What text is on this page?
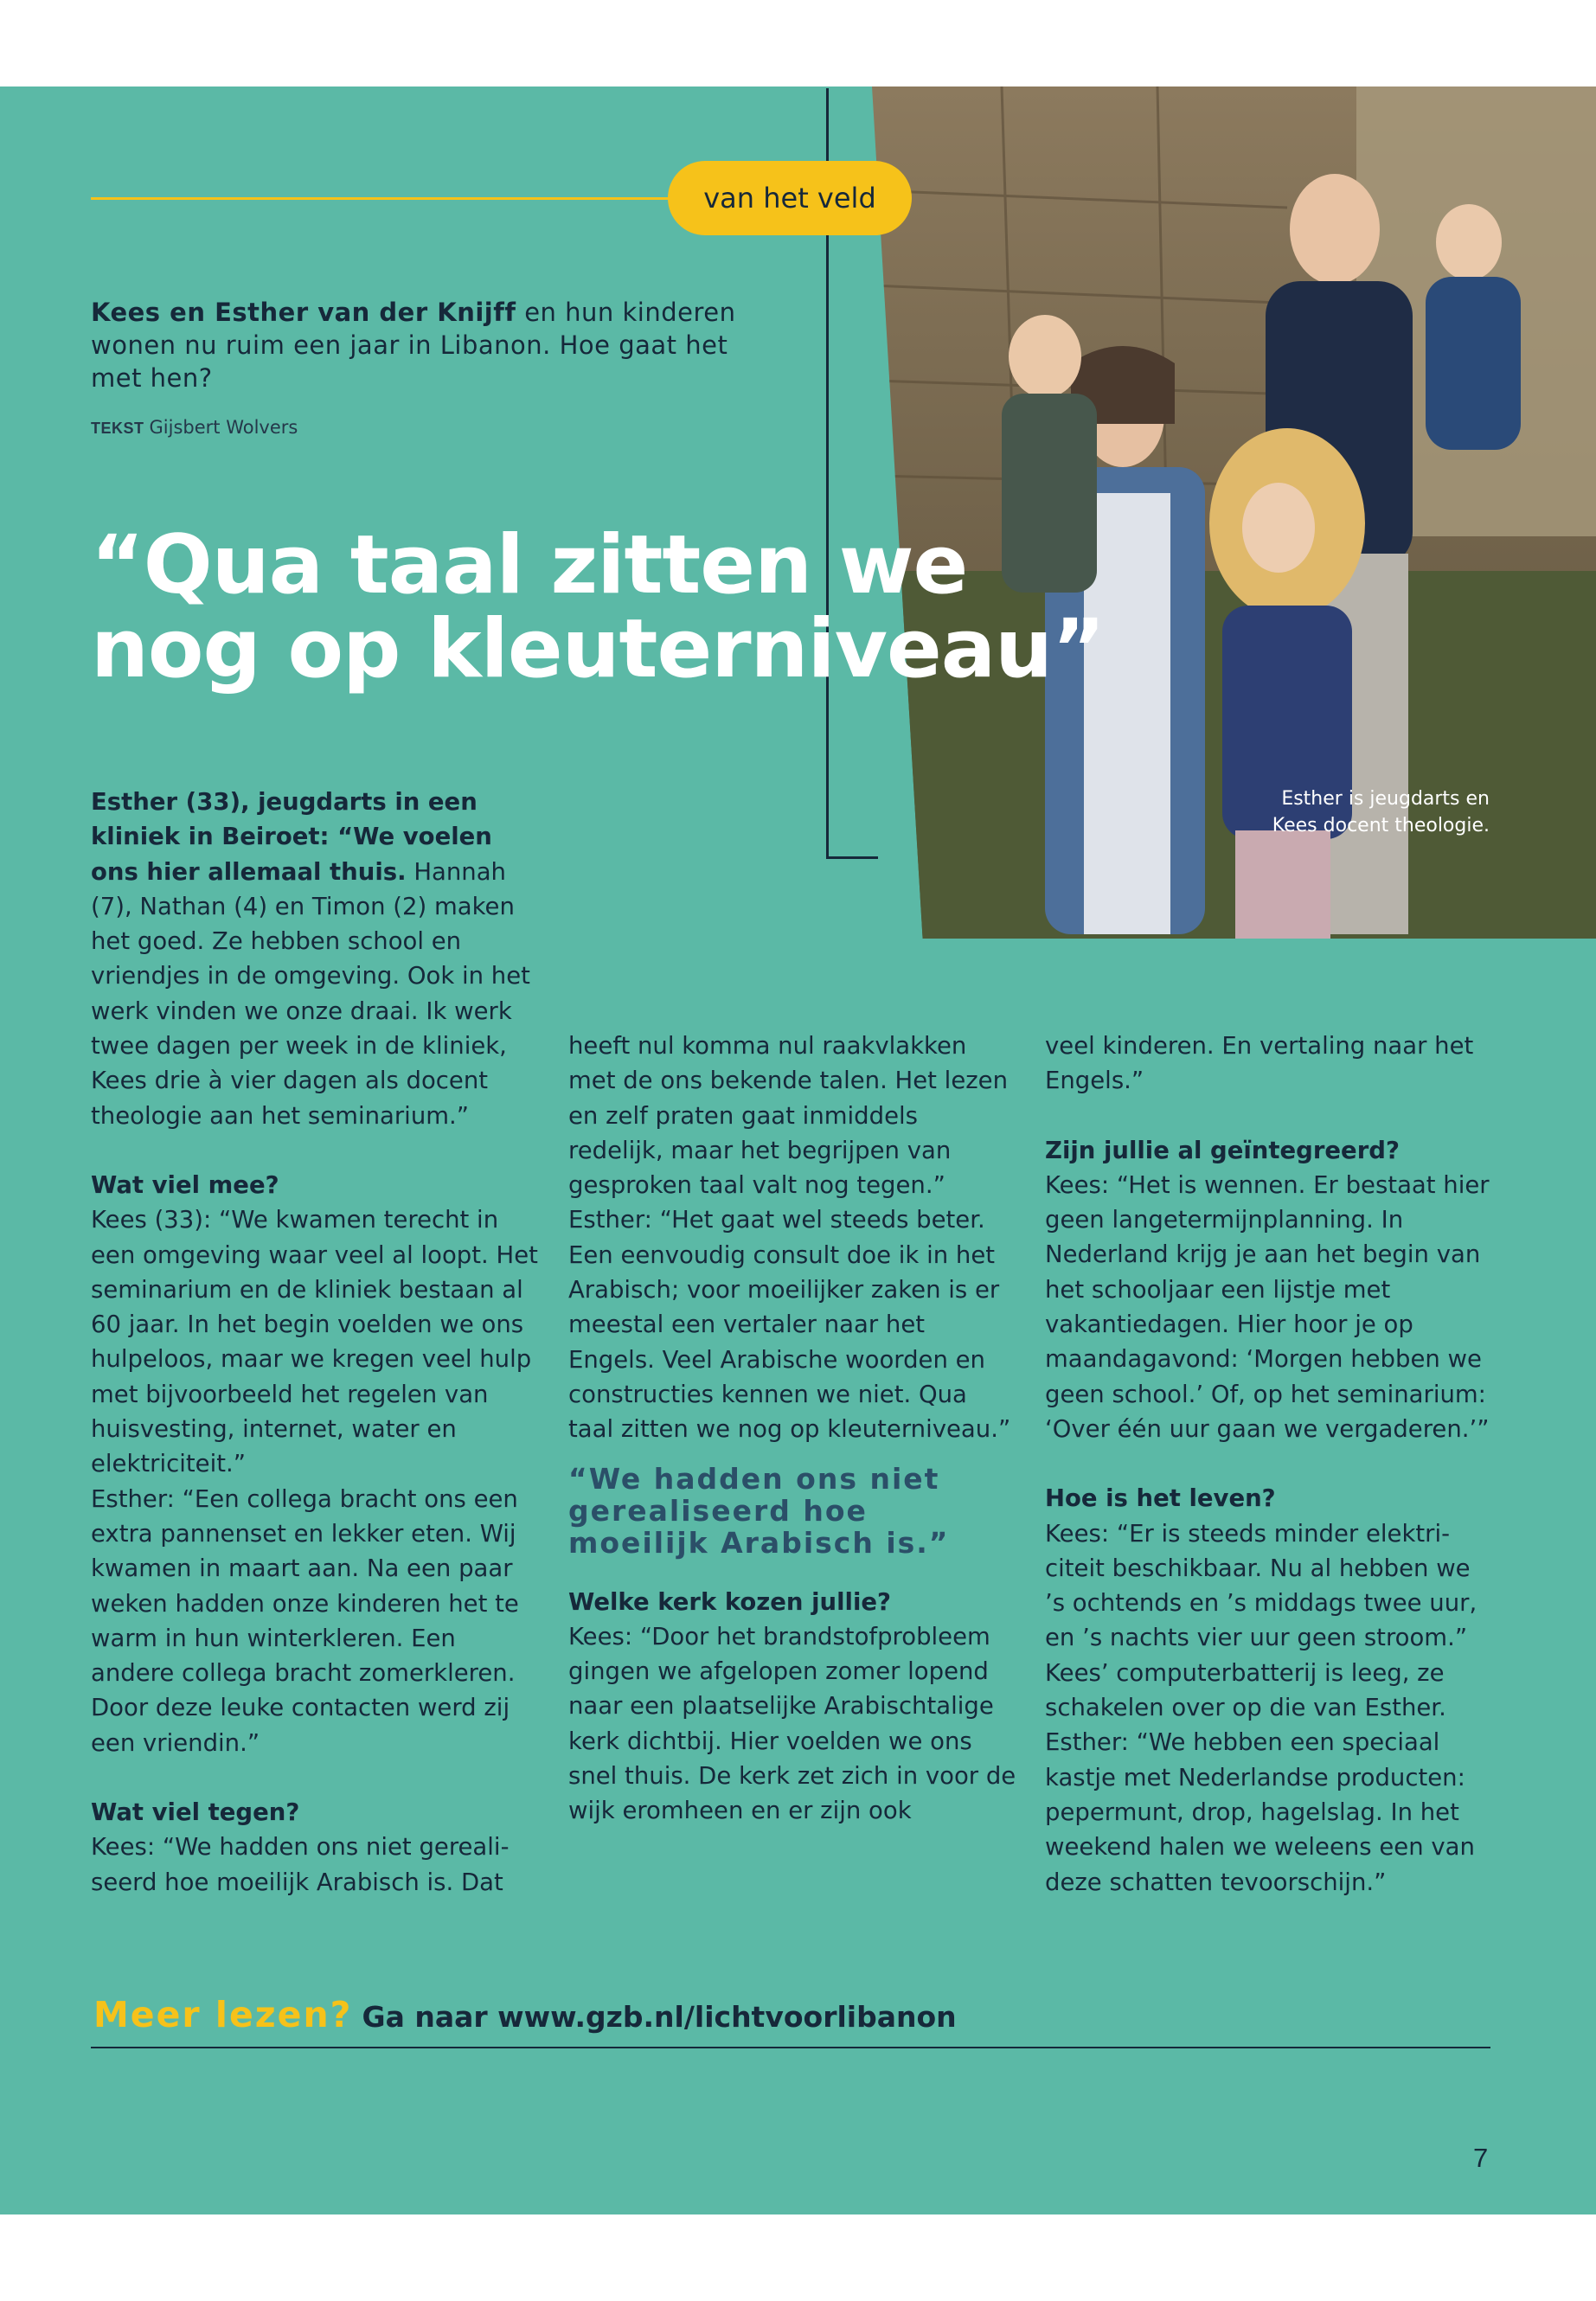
van het veld
Kees en Esther van der Knijff en hun kinderen wonen nu ruim een jaar in Libanon. Hoe gaat het met hen?
TEKST Gijsbert Wolvers
“Qua taal zitten we
nog op kleuterniveau”
Esther is jeugdarts en
Kees docent theologie.

Esther (33), jeugdarts in een kliniek in Beiroet: “We voelen ons hier allemaal thuis. Hannah (7), Nathan (4) en Timon (2) maken het goed. Ze hebben school en vriendjes in de omgeving. Ook in het werk vinden we onze draai. Ik werk twee dagen per week in de kliniek, Kees drie à vier dagen als docent theologie aan het seminarium.”

Wat viel mee?

Kees (33): “We kwamen terecht in een omgeving waar veel al loopt. Het seminarium en de kliniek bestaan al 60 jaar. In het begin voelden we ons hulpeloos, maar we kregen veel hulp met bijvoorbeeld het regelen van huisvesting, internet, water en elektriciteit.”

Esther: “Een collega bracht ons een extra pannenset en lekker eten. Wij kwamen in maart aan. Na een paar weken hadden onze kinderen het te warm in hun winterkleren. Een andere collega bracht zomerkleren. Door deze leuke contacten werd zij een vriendin.”

Wat viel tegen?

Kees: “We hadden ons niet gereali-seerd hoe moeilijk Arabisch is. Dat

heeft nul komma nul raakvlakken met de ons bekende talen. Het lezen en zelf praten gaat inmiddels redelijk, maar het begrijpen van gesproken taal valt nog tegen.”

Esther: “Het gaat wel steeds beter. Een eenvoudig consult doe ik in het Arabisch; voor moeilijker zaken is er meestal een vertaler naar het Engels. Veel Arabische woorden en constructies kennen we niet. Qua taal zitten we nog op kleuterniveau.”

“We hadden ons niet gerealiseerd hoe moeilijk Arabisch is.”

Welke kerk kozen jullie?

Kees: “Door het brandstofprobleem gingen we afgelopen zomer lopend naar een plaatselijke Arabischtalige kerk dichtbij. Hier voelden we ons snel thuis. De kerk zet zich in voor de wijk eromheen en er zijn ook

veel kinderen. En vertaling naar het Engels.”

Zijn jullie al geïntegreerd?

Kees: “Het is wennen. Er bestaat hier geen langetermijnplanning. In Nederland krijg je aan het begin van het schooljaar een lijstje met vakantiedagen. Hier hoor je op maandagavond: ‘Morgen hebben we geen school.’ Of, op het seminarium: ‘Over één uur gaan we vergaderen.’”

Hoe is het leven?

Kees: “Er is steeds minder elektri-citeit beschikbaar. Nu al hebben we ’s ochtends en ’s middags twee uur, en ’s nachts vier uur geen stroom.” Kees’ computerbatterij is leeg, ze schakelen over op die van Esther.

Esther: “We hebben een speciaal kastje met Nederlandse producten: pepermunt, drop, hagelslag. In het weekend halen we weleens een van deze schatten tevoorschijn.”

Meer lezen? Ga naar www.gzb.nl/lichtvoorlibanon
7
